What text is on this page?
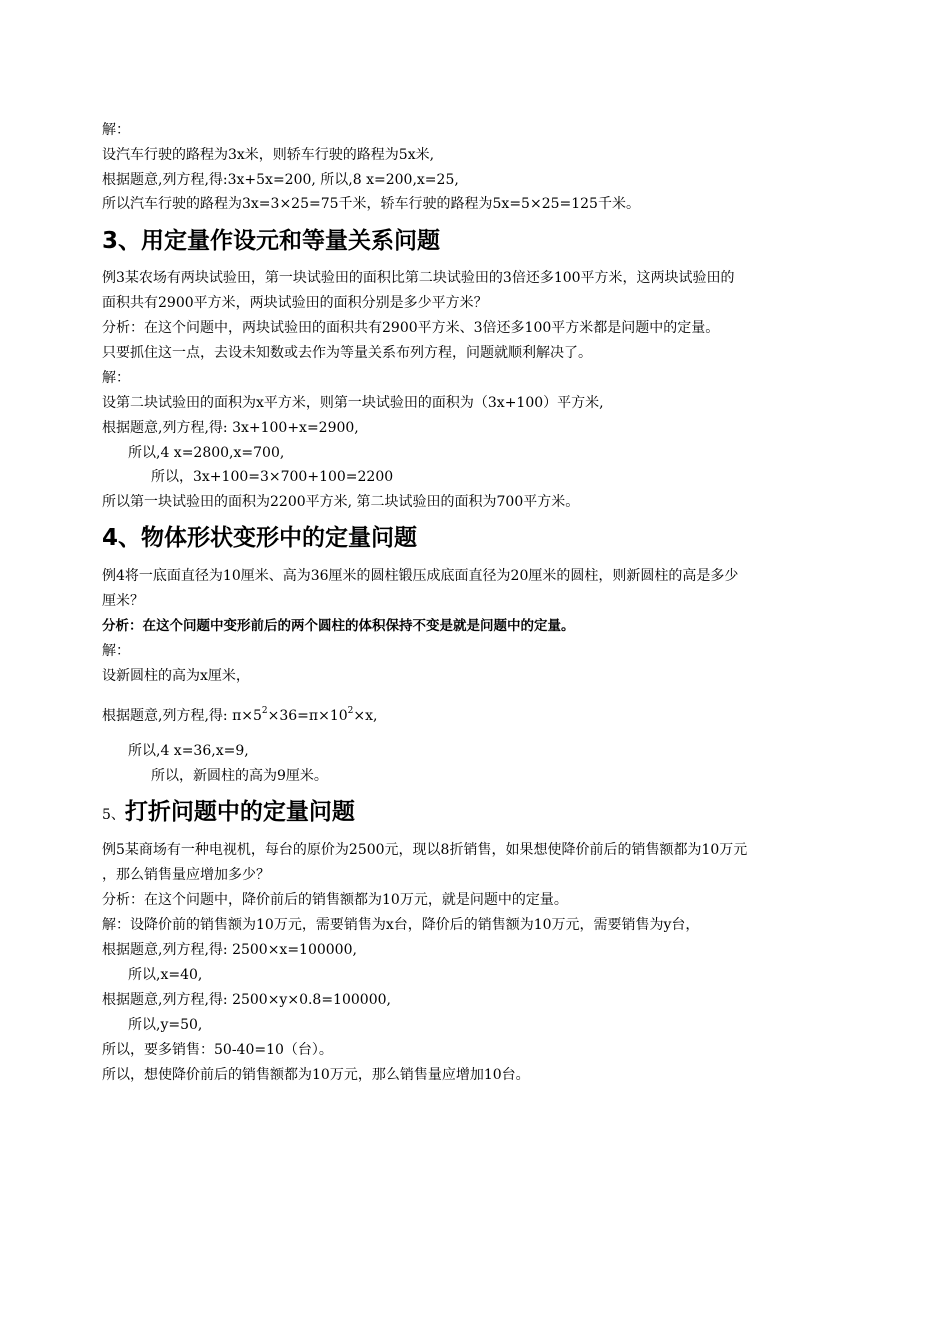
解：
设汽车行驶的路程为3x米，则轿车行驶的路程为5x米,
根据题意,列方程,得:3x+5x=200, 所以,8 x=200,x=25,
所以汽车行驶的路程为3x=3×25=75千米，轿车行驶的路程为5x=5×25=125千米。
3、用定量作设元和等量关系问题
例3某农场有两块试验田，第一块试验田的面积比第二块试验田的3倍还多100平方米，这两块试验田的
面积共有2900平方米，两块试验田的面积分别是多少平方米？
分析：在这个问题中，两块试验田的面积共有2900平方米、3倍还多100平方米都是问题中的定量。
只要抓住这一点，去设未知数或去作为等量关系布列方程，问题就顺利解决了。
解：
设第二块试验田的面积为x平方米，则第一块试验田的面积为（3x+100）平方米,
根据题意,列方程,得: 3x+100+x=2900,
所以,4 x=2800,x=700,
所以，3x+100=3×700+100=2200
所以第一块试验田的面积为2200平方米, 第二块试验田的面积为700平方米。
4、物体形状变形中的定量问题
例4将一底面直径为10厘米、高为36厘米的圆柱锻压成底面直径为20厘米的圆柱，则新圆柱的高是多少
厘米？
分析：在这个问题中变形前后的两个圆柱的体积保持不变是就是问题中的定量。
解：
设新圆柱的高为x厘米，
根据题意,列方程,得: $\pi\times 5^2\times 36=\pi\times 10^2\times x$,
所以,4 x=36,x=9,
所以，新圆柱的高为9厘米。
5、打折问题中的定量问题
例5某商场有一种电视机，每台的原价为2500元，现以8折销售，如果想使降价前后的销售额都为10万元
，那么销售量应增加多少？
分析：在这个问题中，降价前后的销售额都为10万元，就是问题中的定量。
解：设降价前的销售额为10万元，需要销售为x台，降价后的销售额为10万元，需要销售为y台，
根据题意,列方程,得: 2500×x=100000,
所以,x=40,
根据题意,列方程,得: 2500×y×0.8=100000,
所以,y=50,
所以，要多销售：50-40=10（台）。
所以，想使降价前后的销售额都为10万元，那么销售量应增加10台。
